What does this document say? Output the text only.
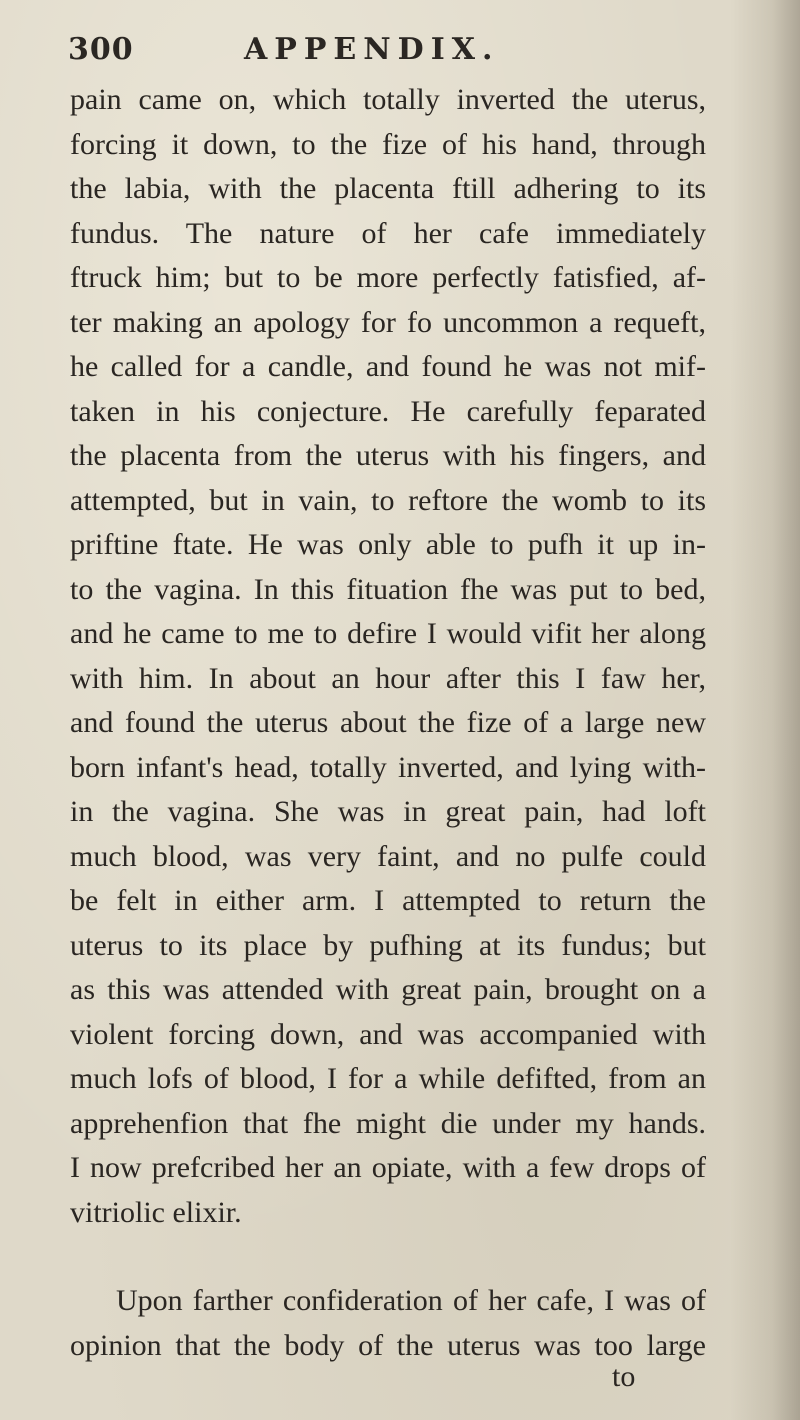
300	APPENDIX.
pain came on, which totally inverted the uterus,
forcing it down, to the fize of his hand, through
the labia, with the placenta ftill adhering to its
fundus. The nature of her cafe immediately
ftruck him; but to be more perfectly fatisfied, af-
ter making an apology for fo uncommon a requeft,
he called for a candle, and found he was not mif-
taken in his conjecture. He carefully feparated
the placenta from the uterus with his fingers, and
attempted, but in vain, to reftore the womb to its
priftine ftate. He was only able to pufh it up in-
to the vagina. In this fituation fhe was put to bed,
and he came to me to defire I would vifit her along
with him. In about an hour after this I faw her,
and found the uterus about the fize of a large new
born infant's head, totally inverted, and lying with-
in the vagina. She was in great pain, had loft
much blood, was very faint, and no pulfe could
be felt in either arm. I attempted to return the
uterus to its place by pufhing at its fundus; but
as this was attended with great pain, brought on a
violent forcing down, and was accompanied with
much lofs of blood, I for a while defifted, from an
apprehenfion that fhe might die under my hands.
I now prefcribed her an opiate, with a few drops of
vitriolic elixir.
Upon farther confideration of her cafe, I was of
opinion that the body of the uterus was too large
to
